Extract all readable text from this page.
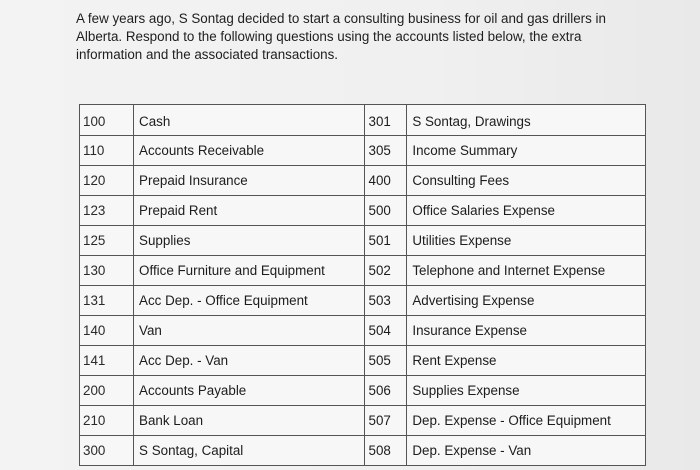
A few years ago, S Sontag decided to start a consulting business for oil and gas drillers in Alberta. Respond to the following questions using the accounts listed below, the extra information and the associated transactions.

100	Cash	301	S Sontag, Drawings
110	Accounts Receivable	305	Income Summary
120	Prepaid Insurance	400	Consulting Fees
123	Prepaid Rent	500	Office Salaries Expense
125	Supplies	501	Utilities Expense
130	Office Furniture and Equipment	502	Telephone and Internet Expense
131	Acc Dep. - Office Equipment	503	Advertising Expense
140	Van	504	Insurance Expense
141	Acc Dep. - Van	505	Rent Expense
200	Accounts Payable	506	Supplies Expense
210	Bank Loan	507	Dep. Expense - Office Equipment
300	S Sontag, Capital	508	Dep. Expense - Van
